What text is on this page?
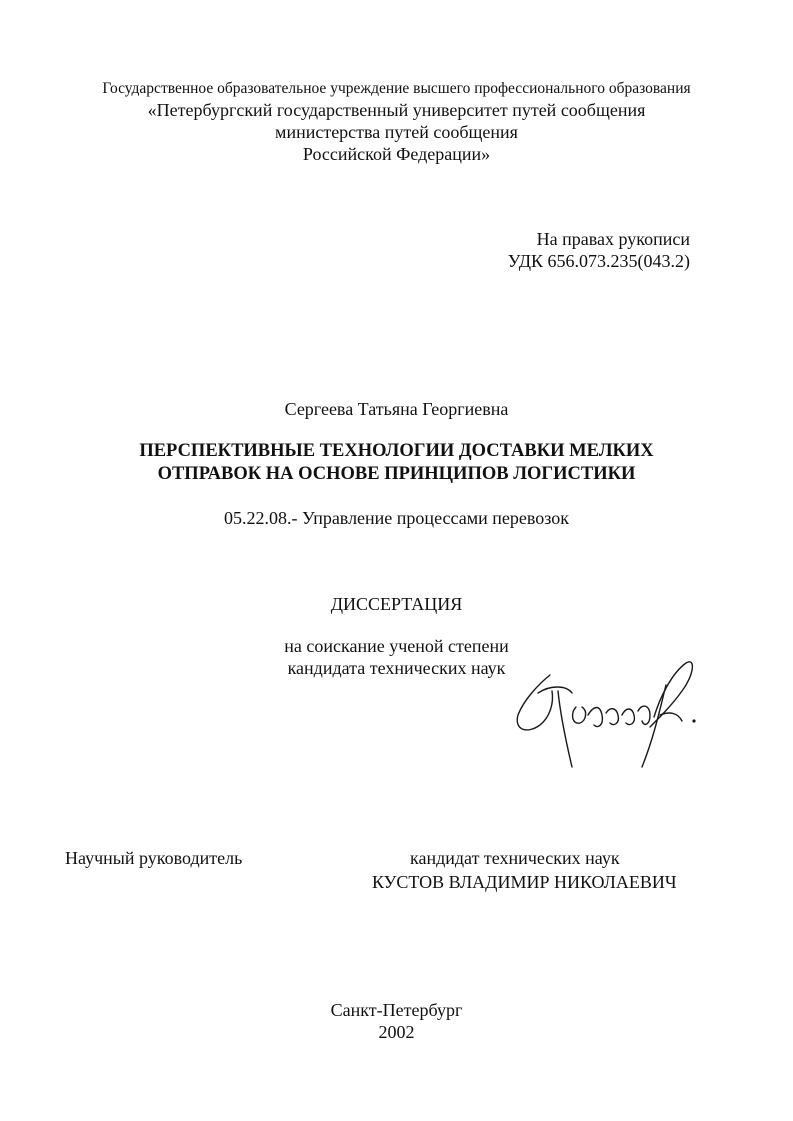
Государственное образовательное учреждение высшего профессионального образования
«Петербургский государственный университет путей сообщения
министерства путей сообщения
Российской Федерации»
На правах рукописи
УДК 656.073.235(043.2)
Сергеева Татьяна Георгиевна
ПЕРСПЕКТИВНЫЕ ТЕХНОЛОГИИ ДОСТАВКИ МЕЛКИХ
ОТПРАВОК НА ОСНОВЕ ПРИНЦИПОВ ЛОГИСТИКИ
05.22.08.- Управление процессами перевозок
ДИССЕРТАЦИЯ
на соискание ученой степени
кандидата технических наук
Научный руководитель	кандидат технических наук
КУСТОВ ВЛАДИМИР НИКОЛАЕВИЧ
Санкт-Петербург
2002
